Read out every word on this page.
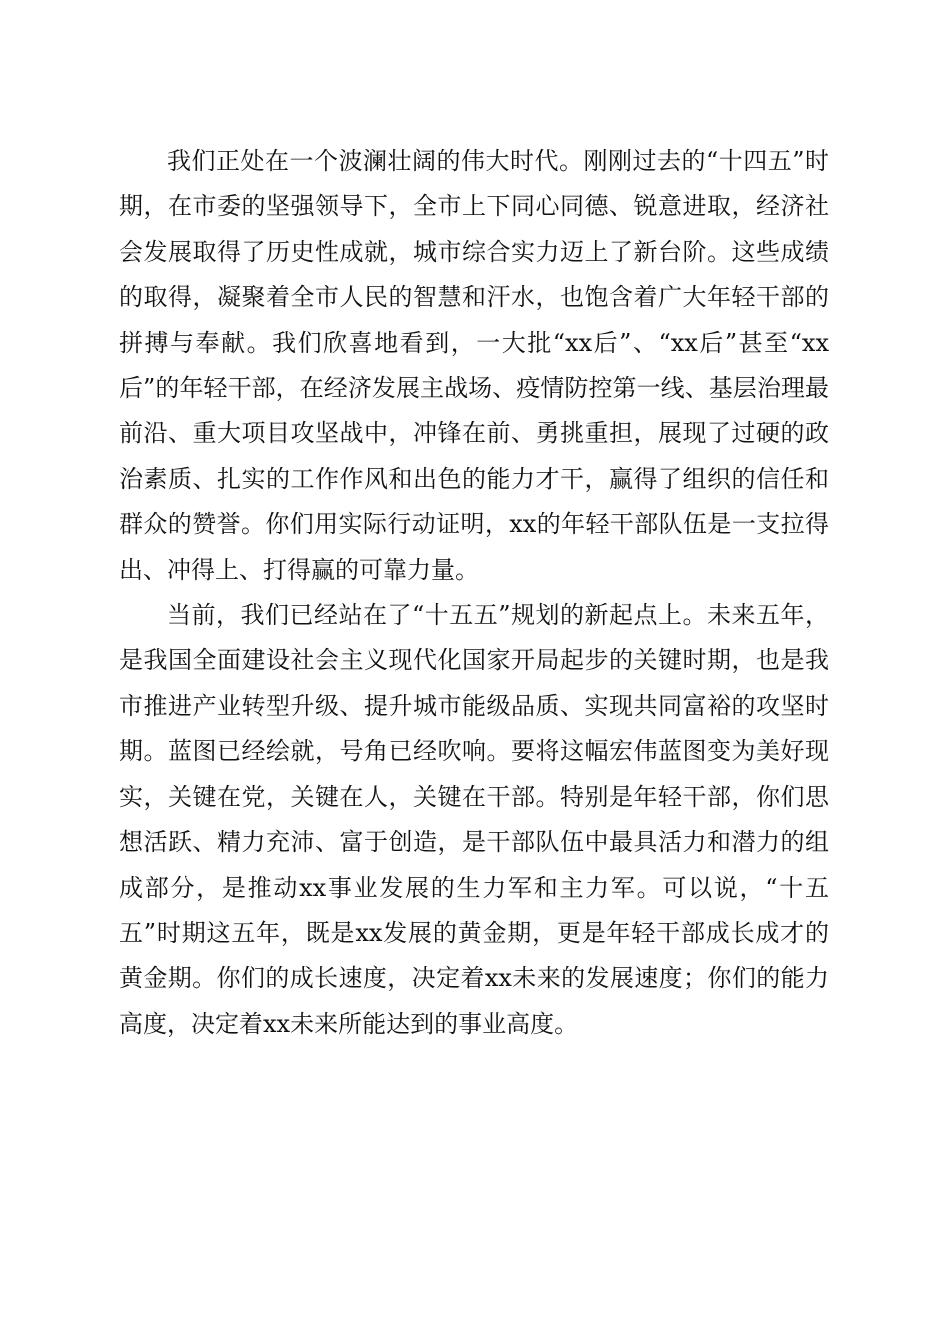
我们正处在一个波澜壮阔的伟大时代。刚刚过去的“十四五”时期，在市委的坚强领导下，全市上下同心同德、锐意进取，经济社会发展取得了历史性成就，城市综合实力迈上了新台阶。这些成绩的取得，凝聚着全市人民的智慧和汗水，也饱含着广大年轻干部的拼搏与奉献。我们欣喜地看到，一大批“xx后”、“xx后”甚至“xx后”的年轻干部，在经济发展主战场、疫情防控第一线、基层治理最前沿、重大项目攻坚战中，冲锋在前、勇挑重担，展现了过硬的政治素质、扎实的工作作风和出色的能力才干，赢得了组织的信任和群众的赞誉。你们用实际行动证明，xx的年轻干部队伍是一支拉得出、冲得上、打得赢的可靠力量。

当前，我们已经站在了“十五五”规划的新起点上。未来五年，是我国全面建设社会主义现代化国家开局起步的关键时期，也是我市推进产业转型升级、提升城市能级品质、实现共同富裕的攻坚时期。蓝图已经绘就，号角已经吹响。要将这幅宏伟蓝图变为美好现实，关键在党，关键在人，关键在干部。特别是年轻干部，你们思想活跃、精力充沛、富于创造，是干部队伍中最具活力和潜力的组成部分，是推动xx事业发展的生力军和主力军。可以说，“十五五”时期这五年，既是xx发展的黄金期，更是年轻干部成长成才的黄金期。你们的成长速度，决定着xx未来的发展速度；你们的能力高度，决定着xx未来所能达到的事业高度。
